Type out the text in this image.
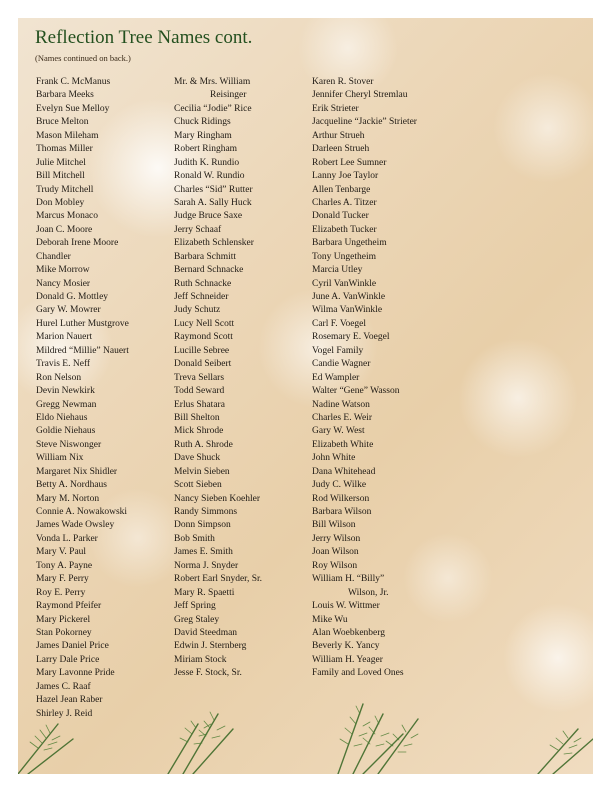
Reflection Tree Names cont.
(Names continued on back.)
Frank C. McManus
Barbara Meeks
Evelyn Sue Melloy
Bruce Melton
Mason Mileham
Thomas Miller
Julie Mitchel
Bill Mitchell
Trudy Mitchell
Don Mobley
Marcus Monaco
Joan C. Moore
Deborah Irene Moore
Chandler
Mike Morrow
Nancy Mosier
Donald G. Mottley
Gary W. Mowrer
Hurel Luther Mustgrove
Marion Nauert
Mildred “Millie” Nauert
Travis E. Neff
Ron Nelson
Devin Newkirk
Gregg Newman
Eldo Niehaus
Goldie Niehaus
Steve Niswonger
William Nix
Margaret Nix Shidler
Betty A. Nordhaus
Mary M. Norton
Connie A. Nowakowski
James Wade Owsley
Vonda L. Parker
Mary V. Paul
Tony A. Payne
Mary F. Perry
Roy E. Perry
Raymond Pfeifer
Mary Pickerel
Stan Pokorney
James Daniel Price
Larry Dale Price
Mary Lavonne Pride
James C. Raaf
Hazel Jean Raber
Shirley J. Reid
Mr. & Mrs. William
Reisinger
Cecilia “Jodie” Rice
Chuck Ridings
Mary Ringham
Robert Ringham
Judith K. Rundio
Ronald W. Rundio
Charles “Sid” Rutter
Sarah A. Sally Huck
Judge Bruce Saxe
Jerry Schaaf
Elizabeth Schlensker
Barbara Schmitt
Bernard Schnacke
Ruth Schnacke
Jeff Schneider
Judy Schutz
Lucy Nell Scott
Raymond Scott
Lucille Sebree
Donald Seibert
Treva Sellars
Todd Seward
Erlus Shatara
Bill Shelton
Mick Shrode
Ruth A. Shrode
Dave Shuck
Melvin Sieben
Scott Sieben
Nancy Sieben Koehler
Randy Simmons
Donn Simpson
Bob Smith
James E. Smith
Norma J. Snyder
Robert Earl Snyder, Sr.
Mary R. Spaetti
Jeff Spring
Greg Staley
David Steedman
Edwin J. Sternberg
Miriam Stock
Jesse F. Stock, Sr.
Karen R. Stover
Jennifer Cheryl Stremlau
Erik Strieter
Jacqueline “Jackie” Strieter
Arthur Strueh
Darleen Strueh
Robert Lee Sumner
Lanny Joe Taylor
Allen Tenbarge
Charles A. Titzer
Donald Tucker
Elizabeth Tucker
Barbara Ungetheim
Tony Ungetheim
Marcia Utley
Cyril VanWinkle
June A. VanWinkle
Wilma VanWinkle
Carl F. Voegel
Rosemary E. Voegel
Vogel Family
Candie Wagner
Ed Wampler
Walter “Gene” Wasson
Nadine Watson
Charles E. Weir
Gary W. West
Elizabeth White
John White
Dana Whitehead
Judy C. Wilke
Rod Wilkerson
Barbara Wilson
Bill Wilson
Jerry Wilson
Joan Wilson
Roy Wilson
William H. “Billy”
Wilson, Jr.
Louis W. Wittmer
Mike Wu
Alan Woebkenberg
Beverly K. Yancy
William H. Yeager
Family and Loved Ones
